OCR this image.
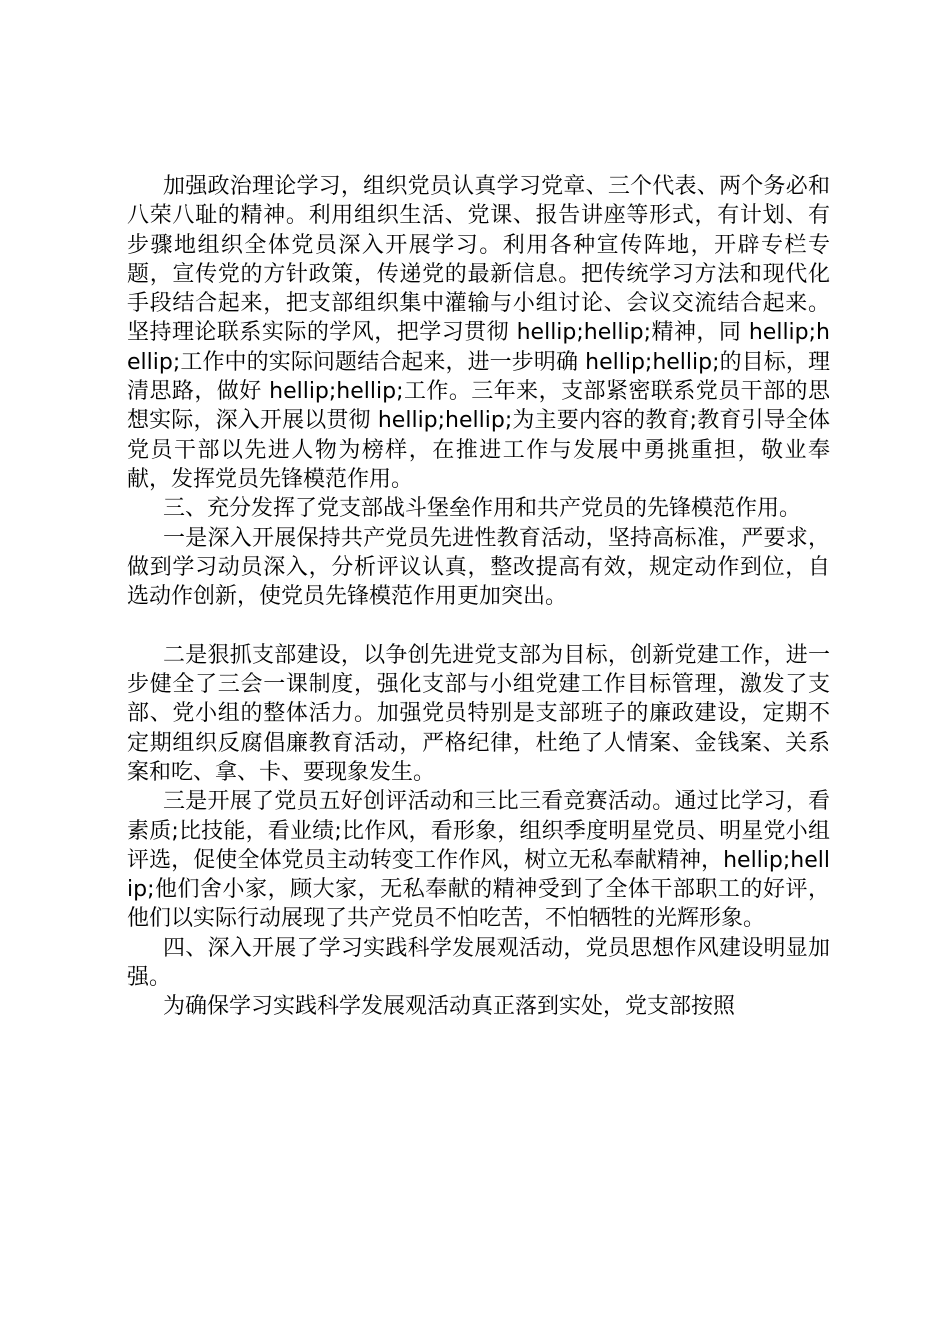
加强政治理论学习，组织党员认真学习党章、三个代表、两个务必和八荣八耻的精神。利用组织生活、党课、报告讲座等形式，有计划、有步骤地组织全体党员深入开展学习。利用各种宣传阵地，开辟专栏专题，宣传党的方针政策，传递党的最新信息。把传统学习方法和现代化手段结合起来，把支部组织集中灌输与小组讨论、会议交流结合起来。坚持理论联系实际的学风，把学习贯彻 hellip;hellip;精神，同 hellip;hellip;工作中的实际问题结合起来，进一步明确 hellip;hellip;的目标，理清思路，做好 hellip;hellip;工作。三年来，支部紧密联系党员干部的思想实际，深入开展以贯彻 hellip;hellip;为主要内容的教育;教育引导全体党员干部以先进人物为榜样，在推进工作与发展中勇挑重担，敬业奉献，发挥党员先锋模范作用。

三、充分发挥了党支部战斗堡垒作用和共产党员的先锋模范作用。

一是深入开展保持共产党员先进性教育活动，坚持高标准，严要求，做到学习动员深入，分析评议认真，整改提高有效，规定动作到位，自选动作创新，使党员先锋模范作用更加突出。

二是狠抓支部建设，以争创先进党支部为目标，创新党建工作，进一步健全了三会一课制度，强化支部与小组党建工作目标管理，激发了支部、党小组的整体活力。加强党员特别是支部班子的廉政建设，定期不定期组织反腐倡廉教育活动，严格纪律，杜绝了人情案、金钱案、关系案和吃、拿、卡、要现象发生。

三是开展了党员五好创评活动和三比三看竞赛活动。通过比学习，看素质;比技能，看业绩;比作风，看形象，组织季度明星党员、明星党小组评选，促使全体党员主动转变工作作风，树立无私奉献精神，hellip;hellip;他们舍小家，顾大家，无私奉献的精神受到了全体干部职工的好评，他们以实际行动展现了共产党员不怕吃苦，不怕牺牲的光辉形象。

四、深入开展了学习实践科学发展观活动，党员思想作风建设明显加强。

为确保学习实践科学发展观活动真正落到实处，党支部按照
